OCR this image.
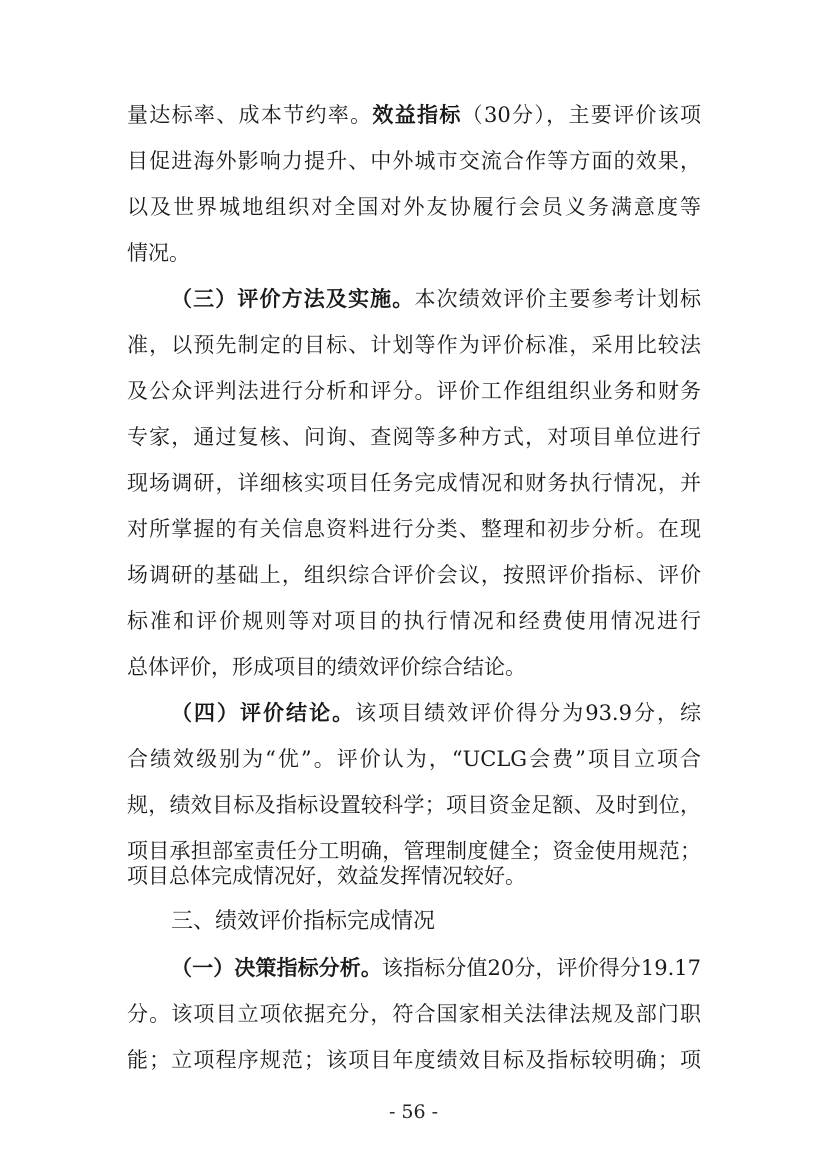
量达标率、成本节约率。效益指标（30分），主要评价该项
目促进海外影响力提升、中外城市交流合作等方面的效果，
以及世界城地组织对全国对外友协履行会员义务满意度等
情况。
（三）评价方法及实施。本次绩效评价主要参考计划标
准，以预先制定的目标、计划等作为评价标准，采用比较法
及公众评判法进行分析和评分。评价工作组组织业务和财务
专家，通过复核、问询、查阅等多种方式，对项目单位进行
现场调研，详细核实项目任务完成情况和财务执行情况，并
对所掌握的有关信息资料进行分类、整理和初步分析。在现
场调研的基础上，组织综合评价会议，按照评价指标、评价
标准和评价规则等对项目的执行情况和经费使用情况进行
总体评价，形成项目的绩效评价综合结论。
（四）评价结论。该项目绩效评价得分为93.9分，综
合绩效级别为“优”。评价认为，“UCLG会费”项目立项合
规，绩效目标及指标设置较科学；项目资金足额、及时到位，
项目承担部室责任分工明确，管理制度健全；资金使用规范；
项目总体完成情况好，效益发挥情况较好。
三、绩效评价指标完成情况
（一）决策指标分析。该指标分值20分，评价得分19.17
分。该项目立项依据充分，符合国家相关法律法规及部门职
能；立项程序规范；该项目年度绩效目标及指标较明确；项
- 56 -
